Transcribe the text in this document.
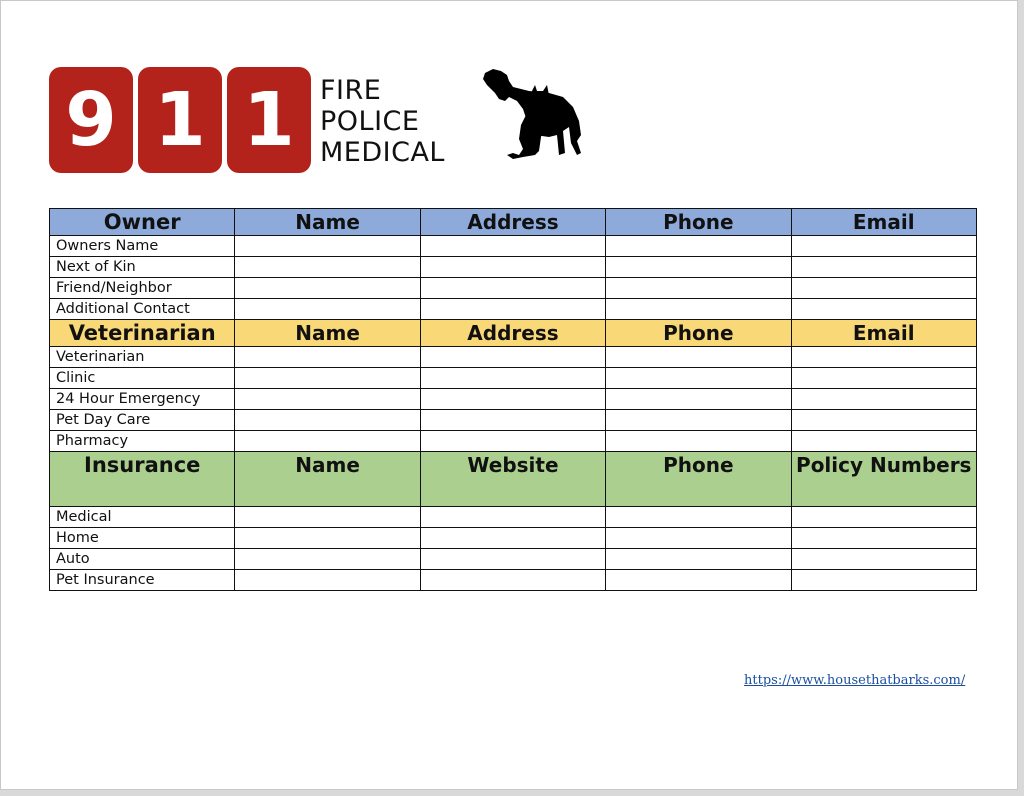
9 1 1 FIRE
POLICE
MEDICAL
Owner	Name	Address	Phone	Email
Owners Name				
Next of Kin				
Friend/Neighbor				
Additional Contact				
Veterinarian	Name	Address	Phone	Email
Veterinarian				
Clinic				
24 Hour Emergency				
Pet Day Care				
Pharmacy				
Insurance	Name	Website	Phone	Policy Numbers
Medical				
Home				
Auto				
Pet Insurance				
https://www.housethatbarks.com/
